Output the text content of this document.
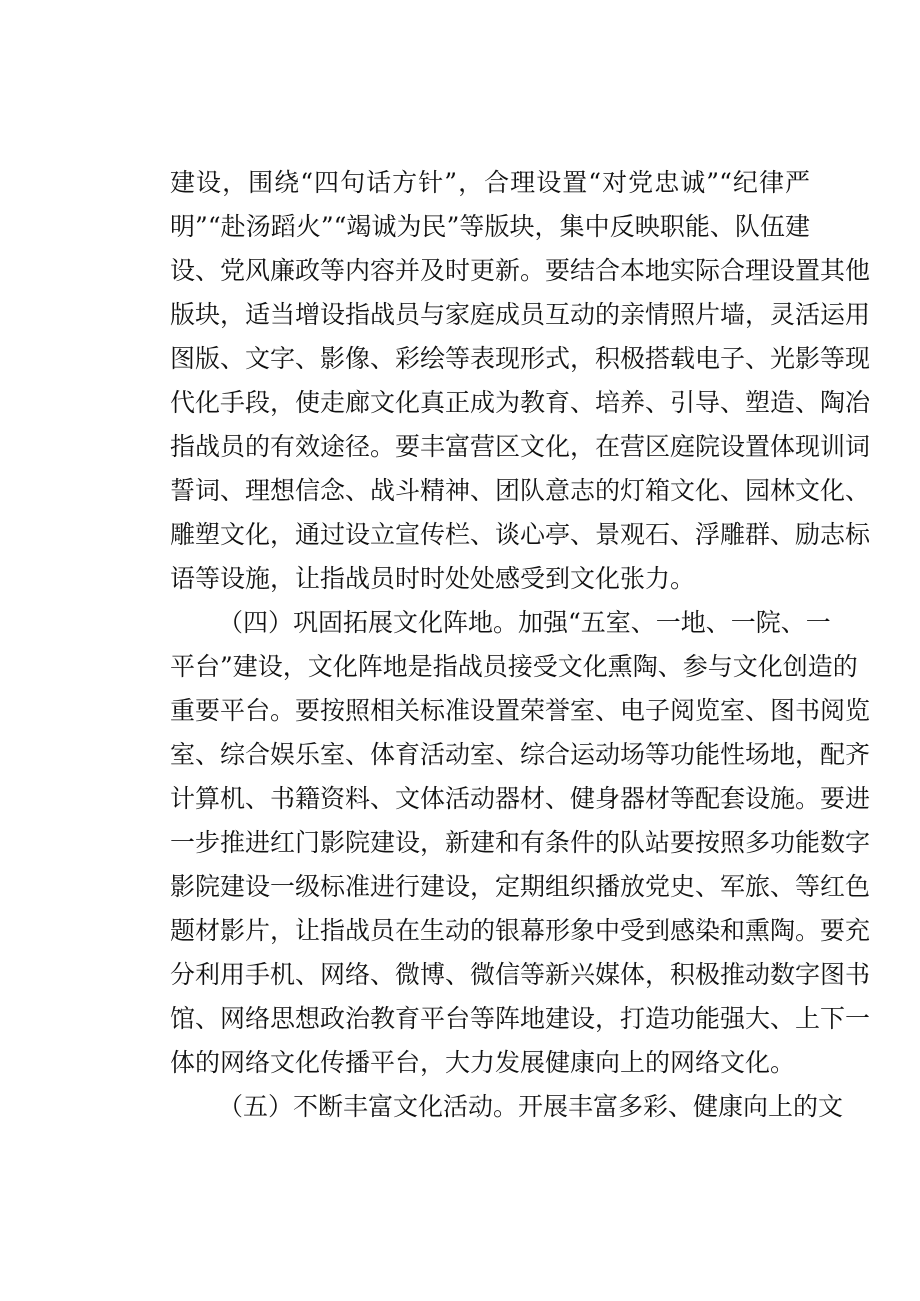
建设，围绕“四句话方针”，合理设置“对党忠诚”“纪律严
明”“赴汤蹈火”“竭诚为民”等版块，集中反映职能、队伍建
设、党风廉政等内容并及时更新。要结合本地实际合理设置其他
版块，适当增设指战员与家庭成员互动的亲情照片墙，灵活运用
图版、文字、影像、彩绘等表现形式，积极搭载电子、光影等现
代化手段，使走廊文化真正成为教育、培养、引导、塑造、陶冶
指战员的有效途径。要丰富营区文化，在营区庭院设置体现训词
誓词、理想信念、战斗精神、团队意志的灯箱文化、园林文化、
雕塑文化，通过设立宣传栏、谈心亭、景观石、浮雕群、励志标
语等设施，让指战员时时处处感受到文化张力。
（四）巩固拓展文化阵地。加强“五室、一地、一院、一
平台”建设，文化阵地是指战员接受文化熏陶、参与文化创造的
重要平台。要按照相关标准设置荣誉室、电子阅览室、图书阅览
室、综合娱乐室、体育活动室、综合运动场等功能性场地，配齐
计算机、书籍资料、文体活动器材、健身器材等配套设施。要进
一步推进红门影院建设，新建和有条件的队站要按照多功能数字
影院建设一级标准进行建设，定期组织播放党史、军旅、等红色
题材影片，让指战员在生动的银幕形象中受到感染和熏陶。要充
分利用手机、网络、微博、微信等新兴媒体，积极推动数字图书
馆、网络思想政治教育平台等阵地建设，打造功能强大、上下一
体的网络文化传播平台，大力发展健康向上的网络文化。
（五）不断丰富文化活动。开展丰富多彩、健康向上的文
